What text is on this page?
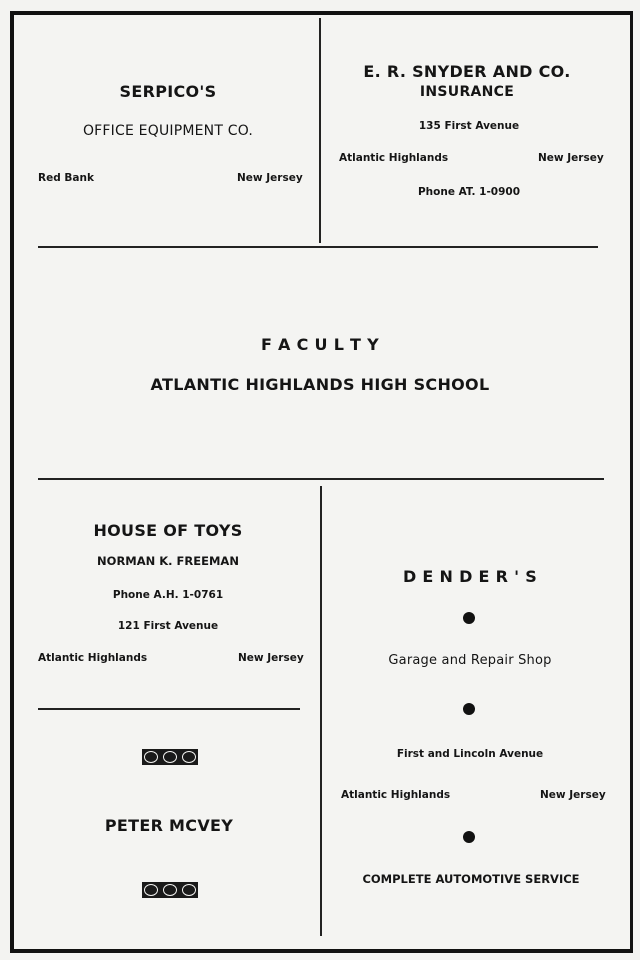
SERPICO'S
OFFICE EQUIPMENT CO.
Red Bank	New Jersey
E. R. SNYDER AND CO.
INSURANCE
135 First Avenue
Atlantic Highlands	New Jersey
Phone AT. 1-0900
F A C U L T Y
ATLANTIC HIGHLANDS HIGH SCHOOL
HOUSE OF TOYS
NORMAN K. FREEMAN
Phone A.H. 1-0761
121 First Avenue
Atlantic Highlands	New Jersey
PETER MCVEY
D E N D E R ' S
Garage and Repair Shop
First and Lincoln Avenue
Atlantic Highlands	New Jersey
COMPLETE AUTOMOTIVE SERVICE
